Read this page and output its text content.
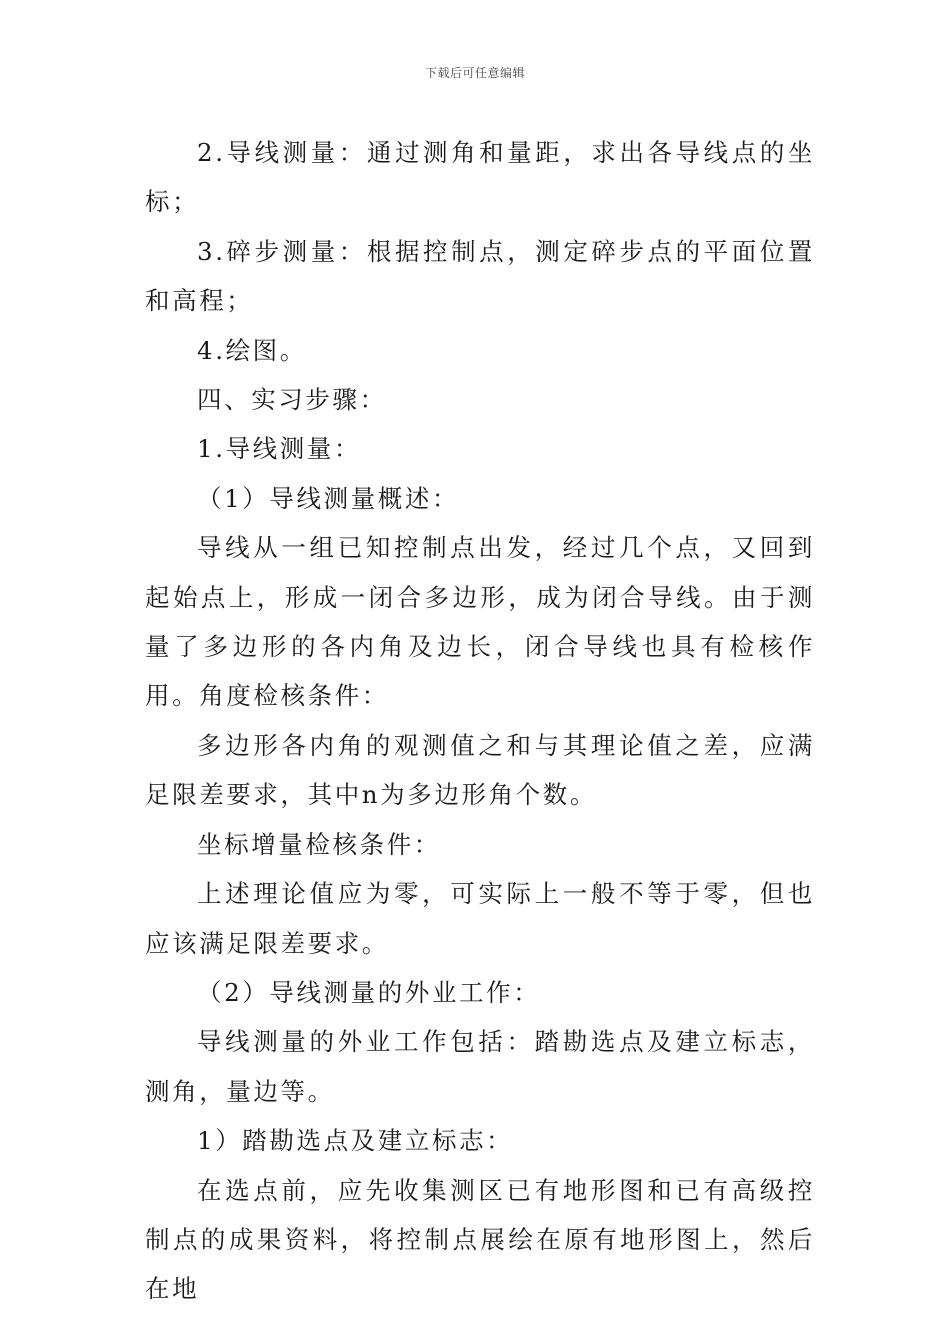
下载后可任意编辑

2.导线测量：通过测角和量距，求出各导线点的坐标；

3.碎步测量：根据控制点，测定碎步点的平面位置和高程；

4.绘图。

四、实习步骤：

1.导线测量：

（1）导线测量概述：

导线从一组已知控制点出发，经过几个点，又回到起始点上，形成一闭合多边形，成为闭合导线。由于测量了多边形的各内角及边长，闭合导线也具有检核作用。角度检核条件：

多边形各内角的观测值之和与其理论值之差，应满足限差要求，其中n为多边形角个数。

坐标增量检核条件：

上述理论值应为零，可实际上一般不等于零，但也应该满足限差要求。

（2）导线测量的外业工作：

导线测量的外业工作包括：踏勘选点及建立标志，测角，量边等。

1）踏勘选点及建立标志：

在选点前，应先收集测区已有地形图和已有高级控制点的成果资料，将控制点展绘在原有地形图上，然后在地
